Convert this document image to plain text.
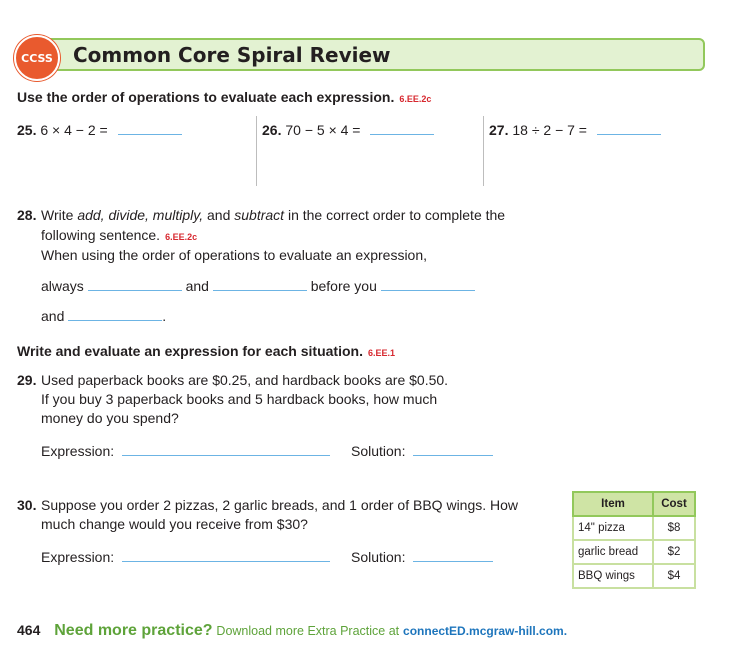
CCSS	Common Core Spiral Review
Use the order of operations to evaluate each expression. 6.EE.2c
25. 6 × 4 − 2 =	26. 70 − 5 × 4 =	27. 18 ÷ 2 − 7 =
28. Write add, divide, multiply, and subtract in the correct order to complete the
following sentence. 6.EE.2c
When using the order of operations to evaluate an expression,
always	and	before you
and	.
Write and evaluate an expression for each situation. 6.EE.1
29. Used paperback books are $0.25, and hardback books are $0.50.
If you buy 3 paperback books and 5 hardback books, how much
money do you spend?
Expression:	Solution:
30. Suppose you order 2 pizzas, 2 garlic breads, and 1 order of BBQ wings. How
much change would you receive from $30?
Expression:	Solution:
Item	Cost
14" pizza	$8
garlic bread	$2
BBQ wings	$4
464 Need more practice? Download more Extra Practice at connectED.mcgraw-hill.com.
